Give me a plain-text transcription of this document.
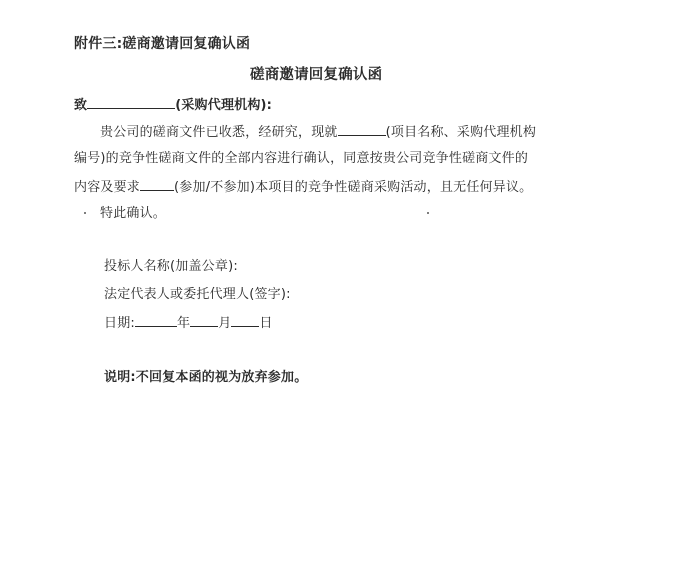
附件三:磋商邀请回复确认函
磋商邀请回复确认函
致	(采购代理机构):
贵公司的磋商文件已收悉，经研究，现就	(项目名称、采购代理机构
编号)的竞争性磋商文件的全部内容进行确认，同意按贵公司竞争性磋商文件的
内容及要求	(参加/不参加)本项目的竞争性磋商采购活动，且无任何异议。
特此确认。
投标人名称(加盖公章):
法定代表人或委托代理人(签字):
日期:	年 月 日
说明:不回复本函的视为放弃参加。
